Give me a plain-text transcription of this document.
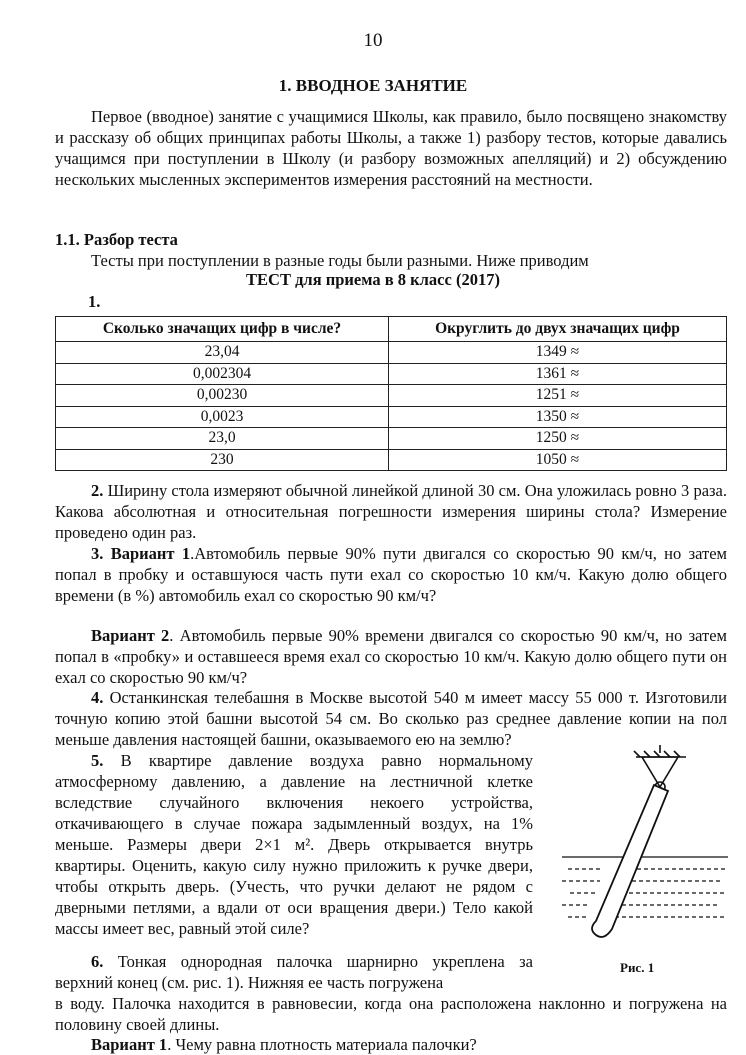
10
1. ВВОДНОЕ ЗАНЯТИЕ

Первое (вводное) занятие с учащимися Школы, как правило, было посвящено знакомству и рассказу об общих принципах работы Школы, а также 1) разбору тестов, которые давались учащимся при поступлении в Школу (и разбору возможных апелляций) и 2) обсуждению нескольких мысленных экспериментов измерения расстояний на местности.

1.1. Разбор теста

Тесты при поступлении в разные годы были разными. Ниже приводим

ТЕСТ для приема в 8 класс (2017)
1.
Сколько значащих цифр в числе?	Округлить до двух значащих цифр
23,04	1349 ≈
0,002304	1361 ≈
0,00230	1251 ≈
0,0023	1350 ≈
23,0	1250 ≈
230	1050 ≈

2. Ширину стола измеряют обычной линейкой длиной 30 см. Она уложилась ровно 3 раза. Какова абсолютная и относительная погрешности измерения ширины стола? Измерение проведено один раз.

3. Вариант 1.Автомобиль первые 90% пути двигался со скоростью 90 км/ч, но затем попал в пробку и оставшуюся часть пути ехал со скоростью 10 км/ч. Какую долю общего времени (в %) автомобиль ехал со скоростью 90 км/ч?

Вариант 2. Автомобиль первые 90% времени двигался со скоростью 90 км/ч, но затем попал в «пробку» и оставшееся время ехал со скоростью 10 км/ч. Какую долю общего пути он ехал со скоростью 90 км/ч?

4. Останкинская телебашня в Москве высотой 540 м имеет массу 55 000 т. Изготовили точную копию этой башни высотой 54 см. Во сколько раз среднее давление копии на пол меньше давления настоящей башни, оказываемого ею на землю?

5. В квартире давление воздуха равно нормальному атмосферному давлению, а давление на лестничной клетке вследствие случайного включения некоего устройства, откачивающего в случае пожара задымленный воздух, на 1% меньше. Размеры двери 2×1 м². Дверь открывается внутрь квартиры. Оценить, какую силу нужно приложить к ручке двери, чтобы открыть дверь. (Учесть, что ручки делают не рядом с дверными петлями, а вдали от оси вращения двери.) Тело какой массы имеет вес, равный этой силе?

6. Тонкая однородная палочка шарнирно укреплена за верхний конец (см. рис. 1). Нижняя ее часть погружена

в воду. Палочка находится в равновесии, когда она расположена наклонно и погружена на половину своей длины.

Вариант 1. Чему равна плотность материала палочки?

Рис. 1
